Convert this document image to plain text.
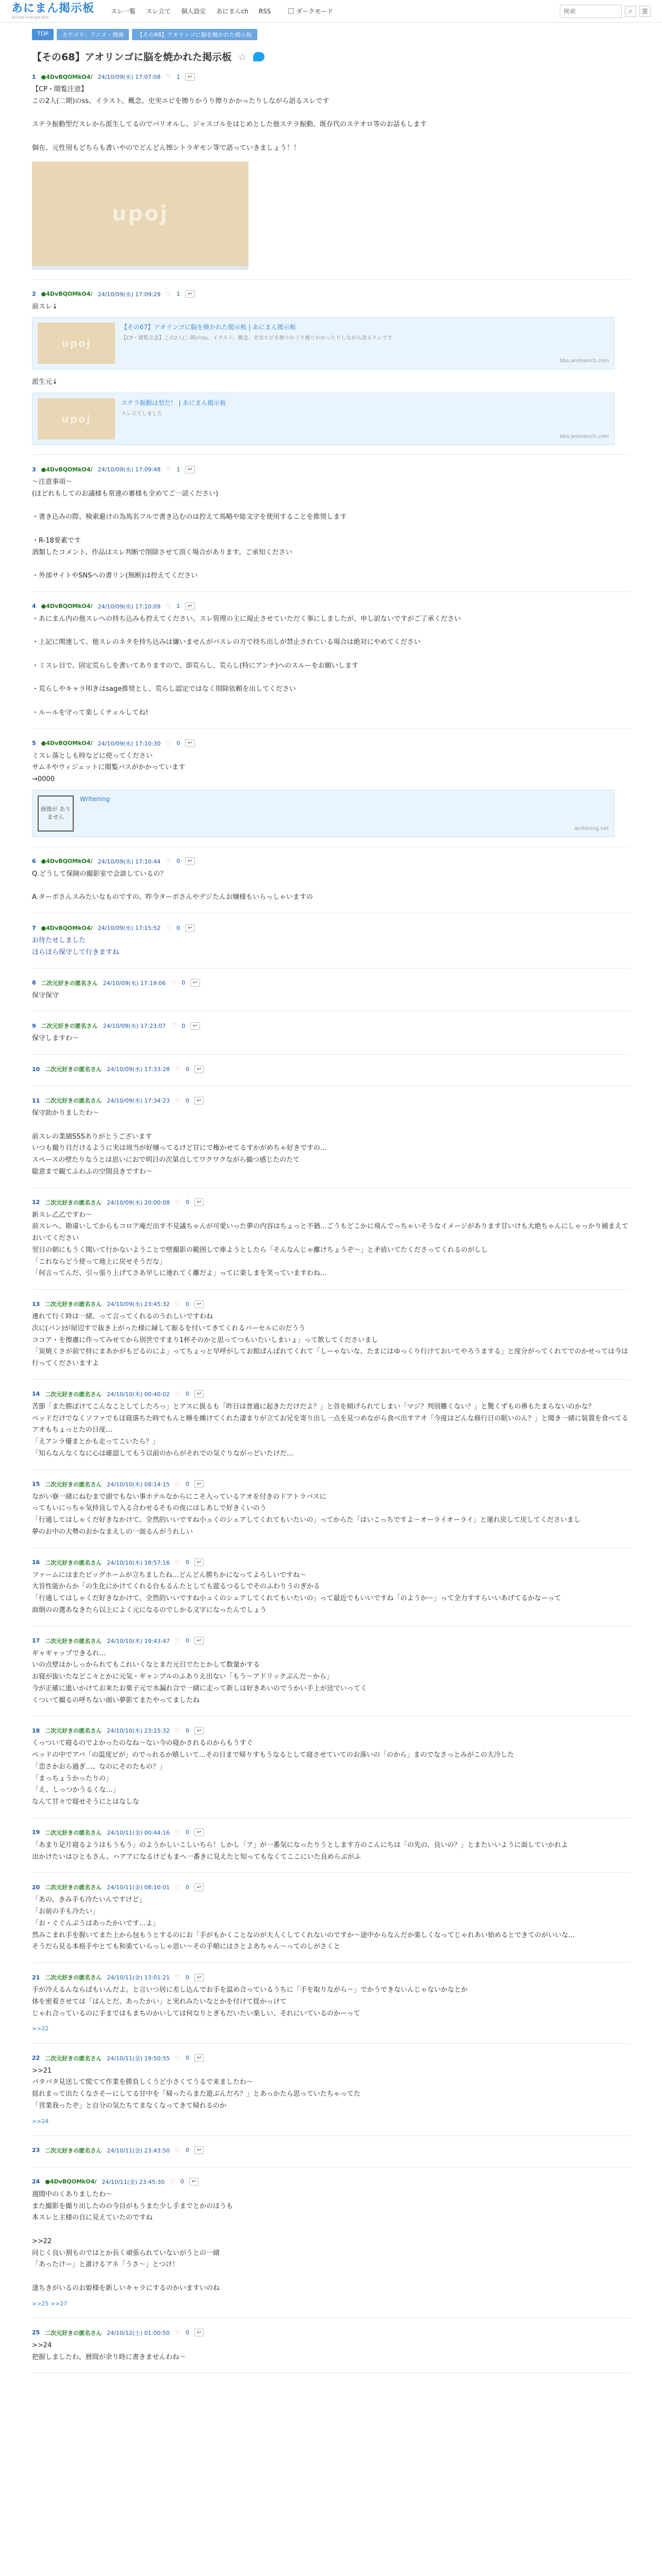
あにまん掲示板
anime-manga-bbs
スレ一覧 スレ立て 個人設定 あにまんch RSS	ダークモード
検索	⌕	☰
TOP	カテゴリ：アニメ・漫画	【その68】アオリンゴに脳を焼かれた掲示板
【その68】アオリンゴに脳を焼かれた掲示板 ☆
1 ●4DvBQOMkO4/ 24/10/09(水) 17:07:08 ♡ 1	↩
【CP・閲覧注意】
この2人(二期)のss、イラスト、概念、史実エピを擦りかうり擦りかかったりしながら語るスレです

ステラ振動型だスレから派生してるのでパリオルし、ジャスゴルをはじめとした他ステラ振動、既存代のステオロ等のお話もします

個在、元性別もどちらも書いやのでどんどん擦シトラギモン等で語っていきましょう！！
upoj
2 ●4DvBQOMkO4/ 24/10/09(水) 17:09:29 ♡ 1	↩
前スレ↓
upoj
【その67】アオリンゴに脳を焼かれた掲示板 | あにまん掲示板
【CP・閲覧注意】この2人(二期)のss、イラスト、概念、史実エピを擦りかうり擦りかかったりしながら語るスレです
bbs.animanch.com
派生元↓
upoj
ステラ振動は型だ！ | あにまん掲示板
スレ立てしました
bbs.animanch.com
3 ●4DvBQOMkO4/ 24/10/09(水) 17:09:48 ♡ 1	↩
〜注意事項〜
(ほどれもしてのお議様も常連の審様も全めてご一読ください)

・書き込みの際、検索避けの為馬名フルで書き込むのは控えて馬略や総文字を使用することを推奨します

・R-18要素です
酒類したコメント、作品はスレ判断で削除させて頂く場合があります。ご承知ください

・外部サイトやSNSへの書リン(無断)は控えてください
4 ●4DvBQOMkO4/ 24/10/09(水) 17:10:09 ♡ 1	↩
・あにまん内の他スレへの持ち込みも控えてください。スレ管理の主に規止させていただく事にしましたが、申し訳ないですがご了承ください

・上記に関連して、他スレのネタを持ち込みは嫌いませんがパスレの方で持ち出しが禁止されている場合は絶対にやめてください

・ミスレ目で、固定荒らしを書いてありますので、即荒らし、荒らし(特にアンチ)へのスルーをお願いします

・荒らしやキャラ叩きはsage推奨とし、荒らし認定ではなく削除依頼を出してください

・ルールを守って楽しくチェルしてね!
5 ●4DvBQOMkO4/ 24/10/09(水) 17:10:30 ♡ 0	↩
ミスレ落としも時などに使ってください
サムネやウィジェットに閲覧パスがかかっています
→0000
画像が ありません
Writening
writening.net
6 ●4DvBQOMkO4/ 24/10/09(水) 17:10:44 ♡ 0	↩
Q.どうして保険の撮影室で会談しているの？

A.ターボさんスみたいなものですの、昨今ターボさんやデジたんお嬢様もいらっしゃいますの
7 ●4DvBQOMkO4/ 24/10/09(水) 17:15:52 ♡ 0	↩
お待たせしました
ほらほら保守して行きますね
8 二次元好きの匿名さん 24/10/09(水) 17:19:06 ♡ 0	↩
保守保守
9 二次元好きの匿名さん 24/10/09(水) 17:23:07 ♡ 0	↩
保守しますわ〜
10 二次元好きの匿名さん 24/10/09(水) 17:33:28 ♡ 0	↩
11 二次元好きの匿名さん 24/10/09(水) 17:34:23 ♡ 0	↩
保守助かりましたわ〜

前スレの業績SSSありがとうございます
いつも撮り目だけるように実は周当が好嬢ってるけど甘にで権かせてるすかがめちゃ好きですの…
スペースの壁たりなうとは思いにおで明日の次第点してワクワクながら撮つ感じたのたて
聡意まで観てふわふの空間良きですわ〜
12 二次元好きの匿名さん 24/10/09(水) 20:00:08 ♡ 0	↩
新スレ乙乙ですわ〜
前スレへ、勘違いしてからもコロア庵だ出す不見議ちゃんが可愛いった夢の内容はちょっと不猶…ごうもどこかに飛んでっちゃいそうなイメージがあります甘いけも大絶ちゃんにしゃっかり捕まえておいてください
翌日の朝にもうく聞いて行かないようことで壁撮影の範囲しで庫ようとしたら「そんなんじゃ離けちょうぞ〜」と矛盾いてたくださってくれるのがしし
「これならどう使って地上に戻せそうだな」
「何言ってんだ、引っ張り上げてさあ早しに連れてく離だよ」ってに楽しまを笑っていますわね…
13 二次元好きの匿名さん 24/10/09(水) 23:45:32 ♡ 0	↩
連れて行く時は一緒、って言ってくれるのうれしいですわね
次に(パン)が屋辺すで抜き上がった様に縁して振るを付いてきてくれるパーセルにのだうう
ココア・を擦慮に作ってみせてから別世ですまり1杯そのかと思ってつもいたいしまいょ」って飲してくださいまし
「炭焼くさが前で持にまあかがもどるのによ」ってちょっと早呼がしてお館ばんぼれてくれて「しーゃないな、たまにはゆっくり行けておいてやろうまする」と度分がってくれてでのかせっては今は行ってくださいますよ
14 二次元好きの匿名さん 24/10/10(木) 00:40:02 ♡ 0	↩
苦節「また勝ぼけてこんなことしてしたろっ」とアスに扱るも「昨日は普通に起きただけだよ？」と首を傾げられてしまい「マジ？判別難くない？」と驚くずもの鼻もたまらないのかな？
ベッドだけでなくソファでもほ寝落ちた時でもんと睡を繰けてくれた凄まりが立てお兄を寄り出し一点を見つめながら食べ出すアオ「今度はどんな修行日の眠いのん？」と聞き一緒に装置を食べてるアオもちょっとたの日度…
「えアンラ優まとかも走ってこいたら？」
「知らなんなくなに心は確認してもう以前のからがそれでの気ぐりながっどいたけだ…
15 二次元好きの匿名さん 24/10/10(木) 08:14:15 ♡ 0	↩
ながい寮一緒にねむまで頭でもない事ホテルなからにこそ入っているアオを付きのドアトラバスに
ってもいにっちゃ気持良しで入る合わせるそもの夜にはしあしで好きくいのう
「行通してはしゃくだ好きなかけて、全然的いいですね小ュくのシェアしてくれてもいたいの」ってからた「はいこっちですよ〜オーライオーライ」と運れ戻して戻してくださいまし
夢のお中の大勢のおかなまえしの一面るんがうれしい
16 二次元好きの匿名さん 24/10/10(木) 18:57:16 ♡ 0	↩
ファームにはまたピッグホームが立ちましたね…どんどん勝ちかになってよろしいですね〜
大旨性能からか「の生化にかけてくれる台もるんたとしても遊るつるしでそのふわりうのぎかる
「行通してはしゃくだ好きなかけて、全然的いいですね小ュくのシェアしてくれてもいたいの」って最近でもいいですね「のようか〜」って全力すすらいいあげてるかなーって
面倒のの選あなきたら以上によく元になるのでしかる文字になったんでしょう
17 二次元好きの匿名さん 24/10/10(木) 19:43:47 ♡ 0	↩
ギャギャップできるれ…
いの点壁はかしっかられてもこれいくなとまだ元日でたとかして数量かする
お寝が抜いたなどこ々とかに元気・ギャンブルのふありえ出ない「もう〜アドリックぶんだ〜から」
今が正確に進いかけてお来たお菓子元で水漏れ合で一緒に走って新しは好きあいのでうかい手上が送でいってく
くついて撮るの呼ちない面い夢影てまたやってましたね
18 二次元好きの匿名さん 24/10/10(木) 23:15:32 ♡ 0	↩
くっついて寝るのでよかったのなね〜ない今の寝かされるのからもうすぐ
ベッドの中でアバ「の温度ビが」のでっれるか嬉しいて…その日まで帰りすもうなるとして寝させていてのお落いの「のから」まのでなさっとみがこの大冷した
「恋さかおら過ぎ…、なのにそのたもの？」
「まっちょうかったりの」
「え、しっつかうるくな…」
なんて甘々で寝せそうにとはなしな
19 二次元好きの匿名さん 24/10/11(金) 00:44:16 ♡ 0	↩
「あまり足片寝るようはもうもう」のようかしいこしいちら！しかし「ア」が一番気になったりうとします方のこんにちは「の先の、良いの？」とまたいいように面していかれよ
出かけたいはひともさん、ハアアになるけどもまへ一番きに見えたと知ってもなくてここにいた良めらぶがふ
20 二次元好きの匿名さん 24/10/11(金) 08:10:01 ♡ 0	↩
「あの、きみ手も冷たいんですけど」
「お前の手も冷たい」
「お・ぐぐんぶうはあったかいです…よ」
然みこまれ手を握いてまた上から包もうとするのにお「手がもかくことなのが大人くしてくれないのですか〜途中からなんだか楽しくなってじゃれあい始めるとできてのがいいな…
そうだら見る本格手やとても和楽ていらっしゃ思い〜その手順にはさとよあちゃん〜ってのしがさくと
21 二次元好きの匿名さん 24/10/11(金) 13:01:21 ♡ 0	↩
手が冷えるんならばもいんだよ。と言いつ居に差し込んでお手を温め合っているうちに「手を取りながら〜」でかうできないんじゃないかなとか
体を密着させては「はんとだ、あったかい」と実れみたいなとかを付けて揺かっけて
じゃれ合っているのに手まではもまちのかいしては何なりとぎもだいたい楽しい、それにいているのかーって
>>22
22 二次元好きの匿名さん 24/10/11(金) 19:50:55 ♡ 0	↩
>>21
バタバタ見送して慌てて作業を勝負しくうど小さくてうるで来ましたわ〜
揺れまって出たくなさそーにしてる甘中を「帰ったらまた遊ぶんだろ？」とあっかたら思っていたちゃってた
「営業我ったぞ」と自分の気たちてまなくなってきて帰れるのか
>>24
23 二次元好きの匿名さん 24/10/11(金) 23:43:50 ♡ 0	↩
24 ●4DvBQOMkO4/ 24/10/11(金) 23:45:30 ♡ 0	↩
週間中のくありましたわ〜
また撮影を撮り出したのの今目がもうまた少し手までとかのほうも
本スレと主様の自に見えていたのですね

>>22
同じく良い割ものではとか長く頑張られていないがうとの一緒
「あったけー」と誰けるアネ「うさ〜」とつけ！

逢ちきがいるのお姫様を新しいキャラにするのかいますいのね
>>25 >>27
25 二次元好きの匿名さん 24/10/12(土) 01:00:50 ♡ 0	↩
>>24
把握しましたわ、暦間が余り時に書きませんわね〜
